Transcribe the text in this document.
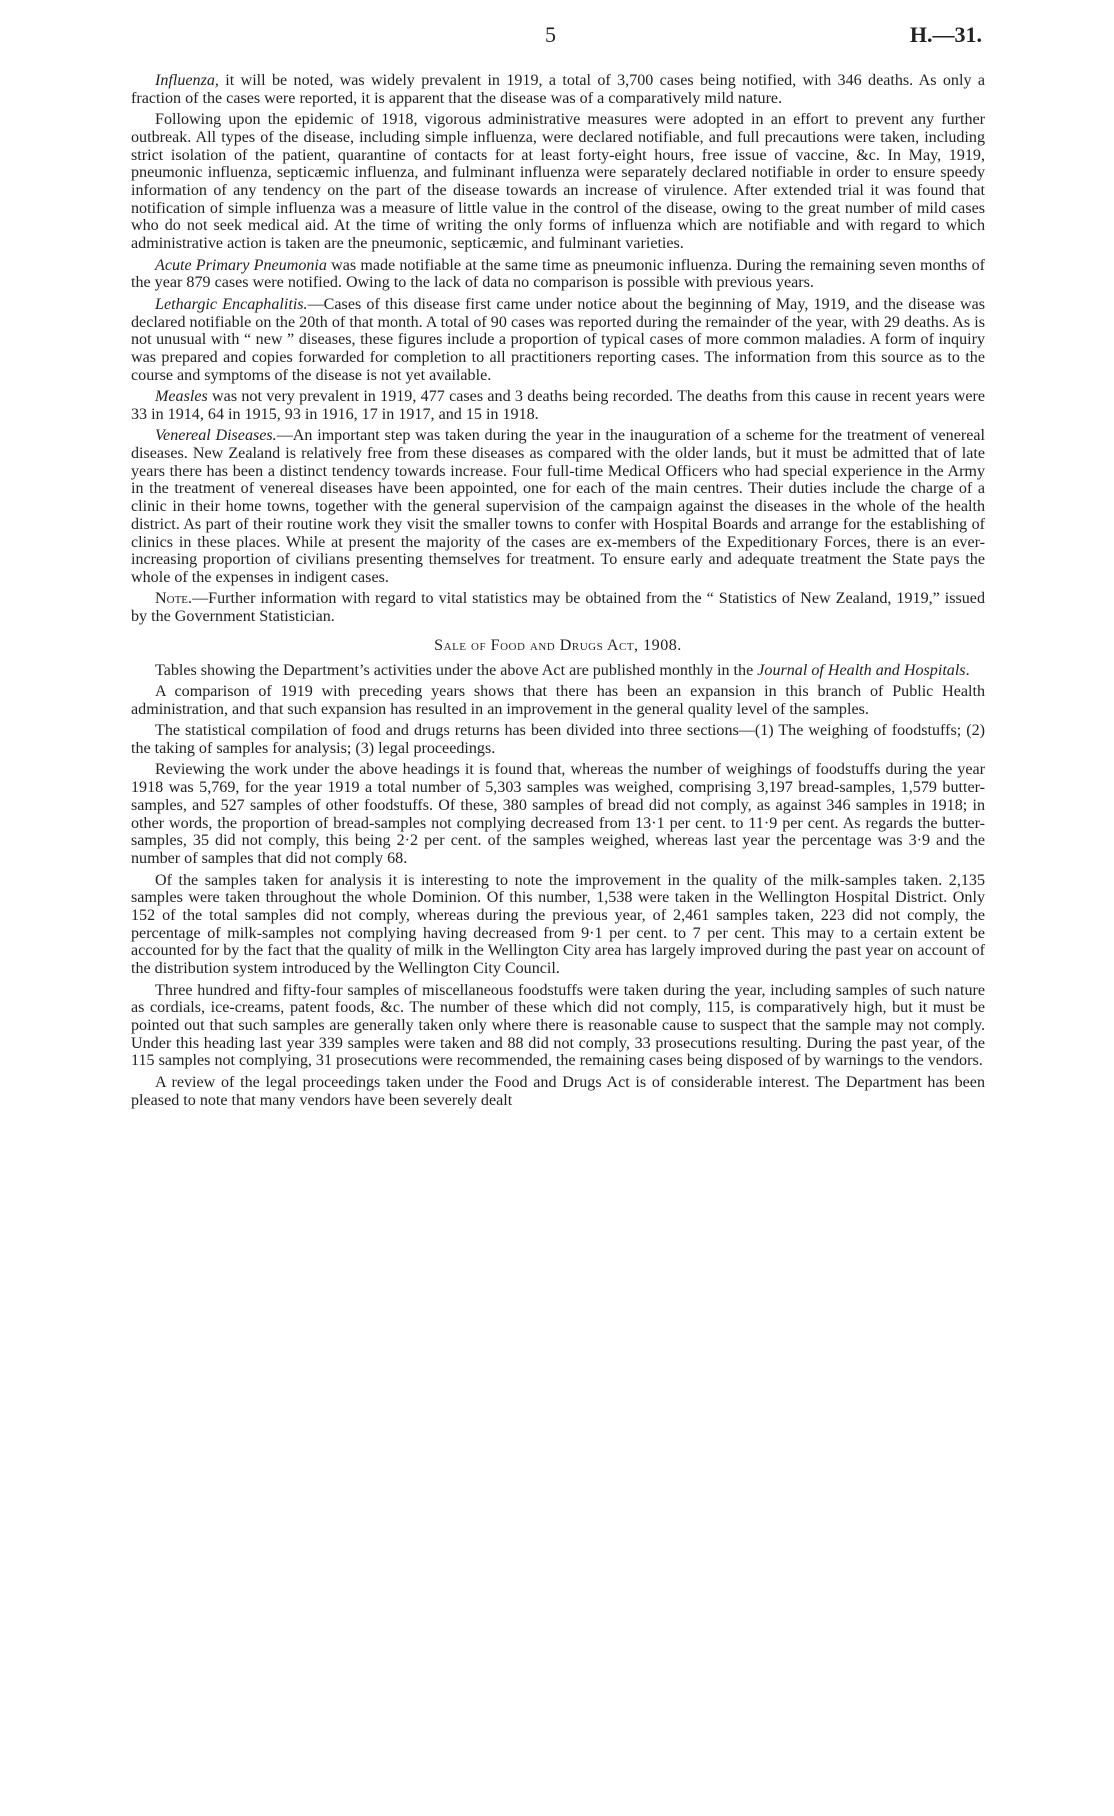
5	H.—31.

Influenza, it will be noted, was widely prevalent in 1919, a total of 3,700 cases being notified, with 346 deaths. As only a fraction of the cases were reported, it is apparent that the disease was of a comparatively mild nature.

Following upon the epidemic of 1918, vigorous administrative measures were adopted in an effort to prevent any further outbreak. All types of the disease, including simple influenza, were declared notifiable, and full precautions were taken, including strict isolation of the patient, quarantine of contacts for at least forty-eight hours, free issue of vaccine, &c. In May, 1919, pneumonic influenza, septicæmic influenza, and fulminant influenza were separately declared notifiable in order to ensure speedy information of any tendency on the part of the disease towards an increase of virulence. After extended trial it was found that notification of simple influenza was a measure of little value in the control of the disease, owing to the great number of mild cases who do not seek medical aid. At the time of writing the only forms of influenza which are notifiable and with regard to which administrative action is taken are the pneumonic, septicæmic, and fulminant varieties.

Acute Primary Pneumonia was made notifiable at the same time as pneumonic influenza. During the remaining seven months of the year 879 cases were notified. Owing to the lack of data no comparison is possible with previous years.

Lethargic Encaphalitis.—Cases of this disease first came under notice about the beginning of May, 1919, and the disease was declared notifiable on the 20th of that month. A total of 90 cases was reported during the remainder of the year, with 29 deaths. As is not unusual with “ new ” diseases, these figures include a proportion of typical cases of more common maladies. A form of inquiry was prepared and copies forwarded for completion to all practitioners reporting cases. The information from this source as to the course and symptoms of the disease is not yet available.

Measles was not very prevalent in 1919, 477 cases and 3 deaths being recorded. The deaths from this cause in recent years were 33 in 1914, 64 in 1915, 93 in 1916, 17 in 1917, and 15 in 1918.

Venereal Diseases.—An important step was taken during the year in the inauguration of a scheme for the treatment of venereal diseases. New Zealand is relatively free from these diseases as compared with the older lands, but it must be admitted that of late years there has been a distinct tendency towards increase. Four full-time Medical Officers who had special experience in the Army in the treatment of venereal diseases have been appointed, one for each of the main centres. Their duties include the charge of a clinic in their home towns, together with the general supervision of the campaign against the diseases in the whole of the health district. As part of their routine work they visit the smaller towns to confer with Hospital Boards and arrange for the establishing of clinics in these places. While at present the majority of the cases are ex-members of the Expeditionary Forces, there is an ever-increasing proportion of civilians presenting themselves for treatment. To ensure early and adequate treatment the State pays the whole of the expenses in indigent cases.

Note.—Further information with regard to vital statistics may be obtained from the “ Statistics of New Zealand, 1919,” issued by the Government Statistician.

Sale of Food and Drugs Act, 1908.

Tables showing the Department’s activities under the above Act are published monthly in the Journal of Health and Hospitals.

A comparison of 1919 with preceding years shows that there has been an expansion in this branch of Public Health administration, and that such expansion has resulted in an improvement in the general quality level of the samples.

The statistical compilation of food and drugs returns has been divided into three sections—(1) The weighing of foodstuffs; (2) the taking of samples for analysis; (3) legal proceedings.

Reviewing the work under the above headings it is found that, whereas the number of weighings of foodstuffs during the year 1918 was 5,769, for the year 1919 a total number of 5,303 samples was weighed, comprising 3,197 bread-samples, 1,579 butter-samples, and 527 samples of other foodstuffs. Of these, 380 samples of bread did not comply, as against 346 samples in 1918; in other words, the proportion of bread-samples not complying decreased from 13·1 per cent. to 11·9 per cent. As regards the butter-samples, 35 did not comply, this being 2·2 per cent. of the samples weighed, whereas last year the percentage was 3·9 and the number of samples that did not comply 68.

Of the samples taken for analysis it is interesting to note the improvement in the quality of the milk-samples taken. 2,135 samples were taken throughout the whole Dominion. Of this number, 1,538 were taken in the Wellington Hospital District. Only 152 of the total samples did not comply, whereas during the previous year, of 2,461 samples taken, 223 did not comply, the percentage of milk-samples not complying having decreased from 9·1 per cent. to 7 per cent. This may to a certain extent be accounted for by the fact that the quality of milk in the Wellington City area has largely improved during the past year on account of the distribution system introduced by the Wellington City Council.

Three hundred and fifty-four samples of miscellaneous foodstuffs were taken during the year, including samples of such nature as cordials, ice-creams, patent foods, &c. The number of these which did not comply, 115, is comparatively high, but it must be pointed out that such samples are generally taken only where there is reasonable cause to suspect that the sample may not comply. Under this heading last year 339 samples were taken and 88 did not comply, 33 prosecutions resulting. During the past year, of the 115 samples not complying, 31 prosecutions were recommended, the remaining cases being disposed of by warnings to the vendors.

A review of the legal proceedings taken under the Food and Drugs Act is of considerable interest. The Department has been pleased to note that many vendors have been severely dealt
